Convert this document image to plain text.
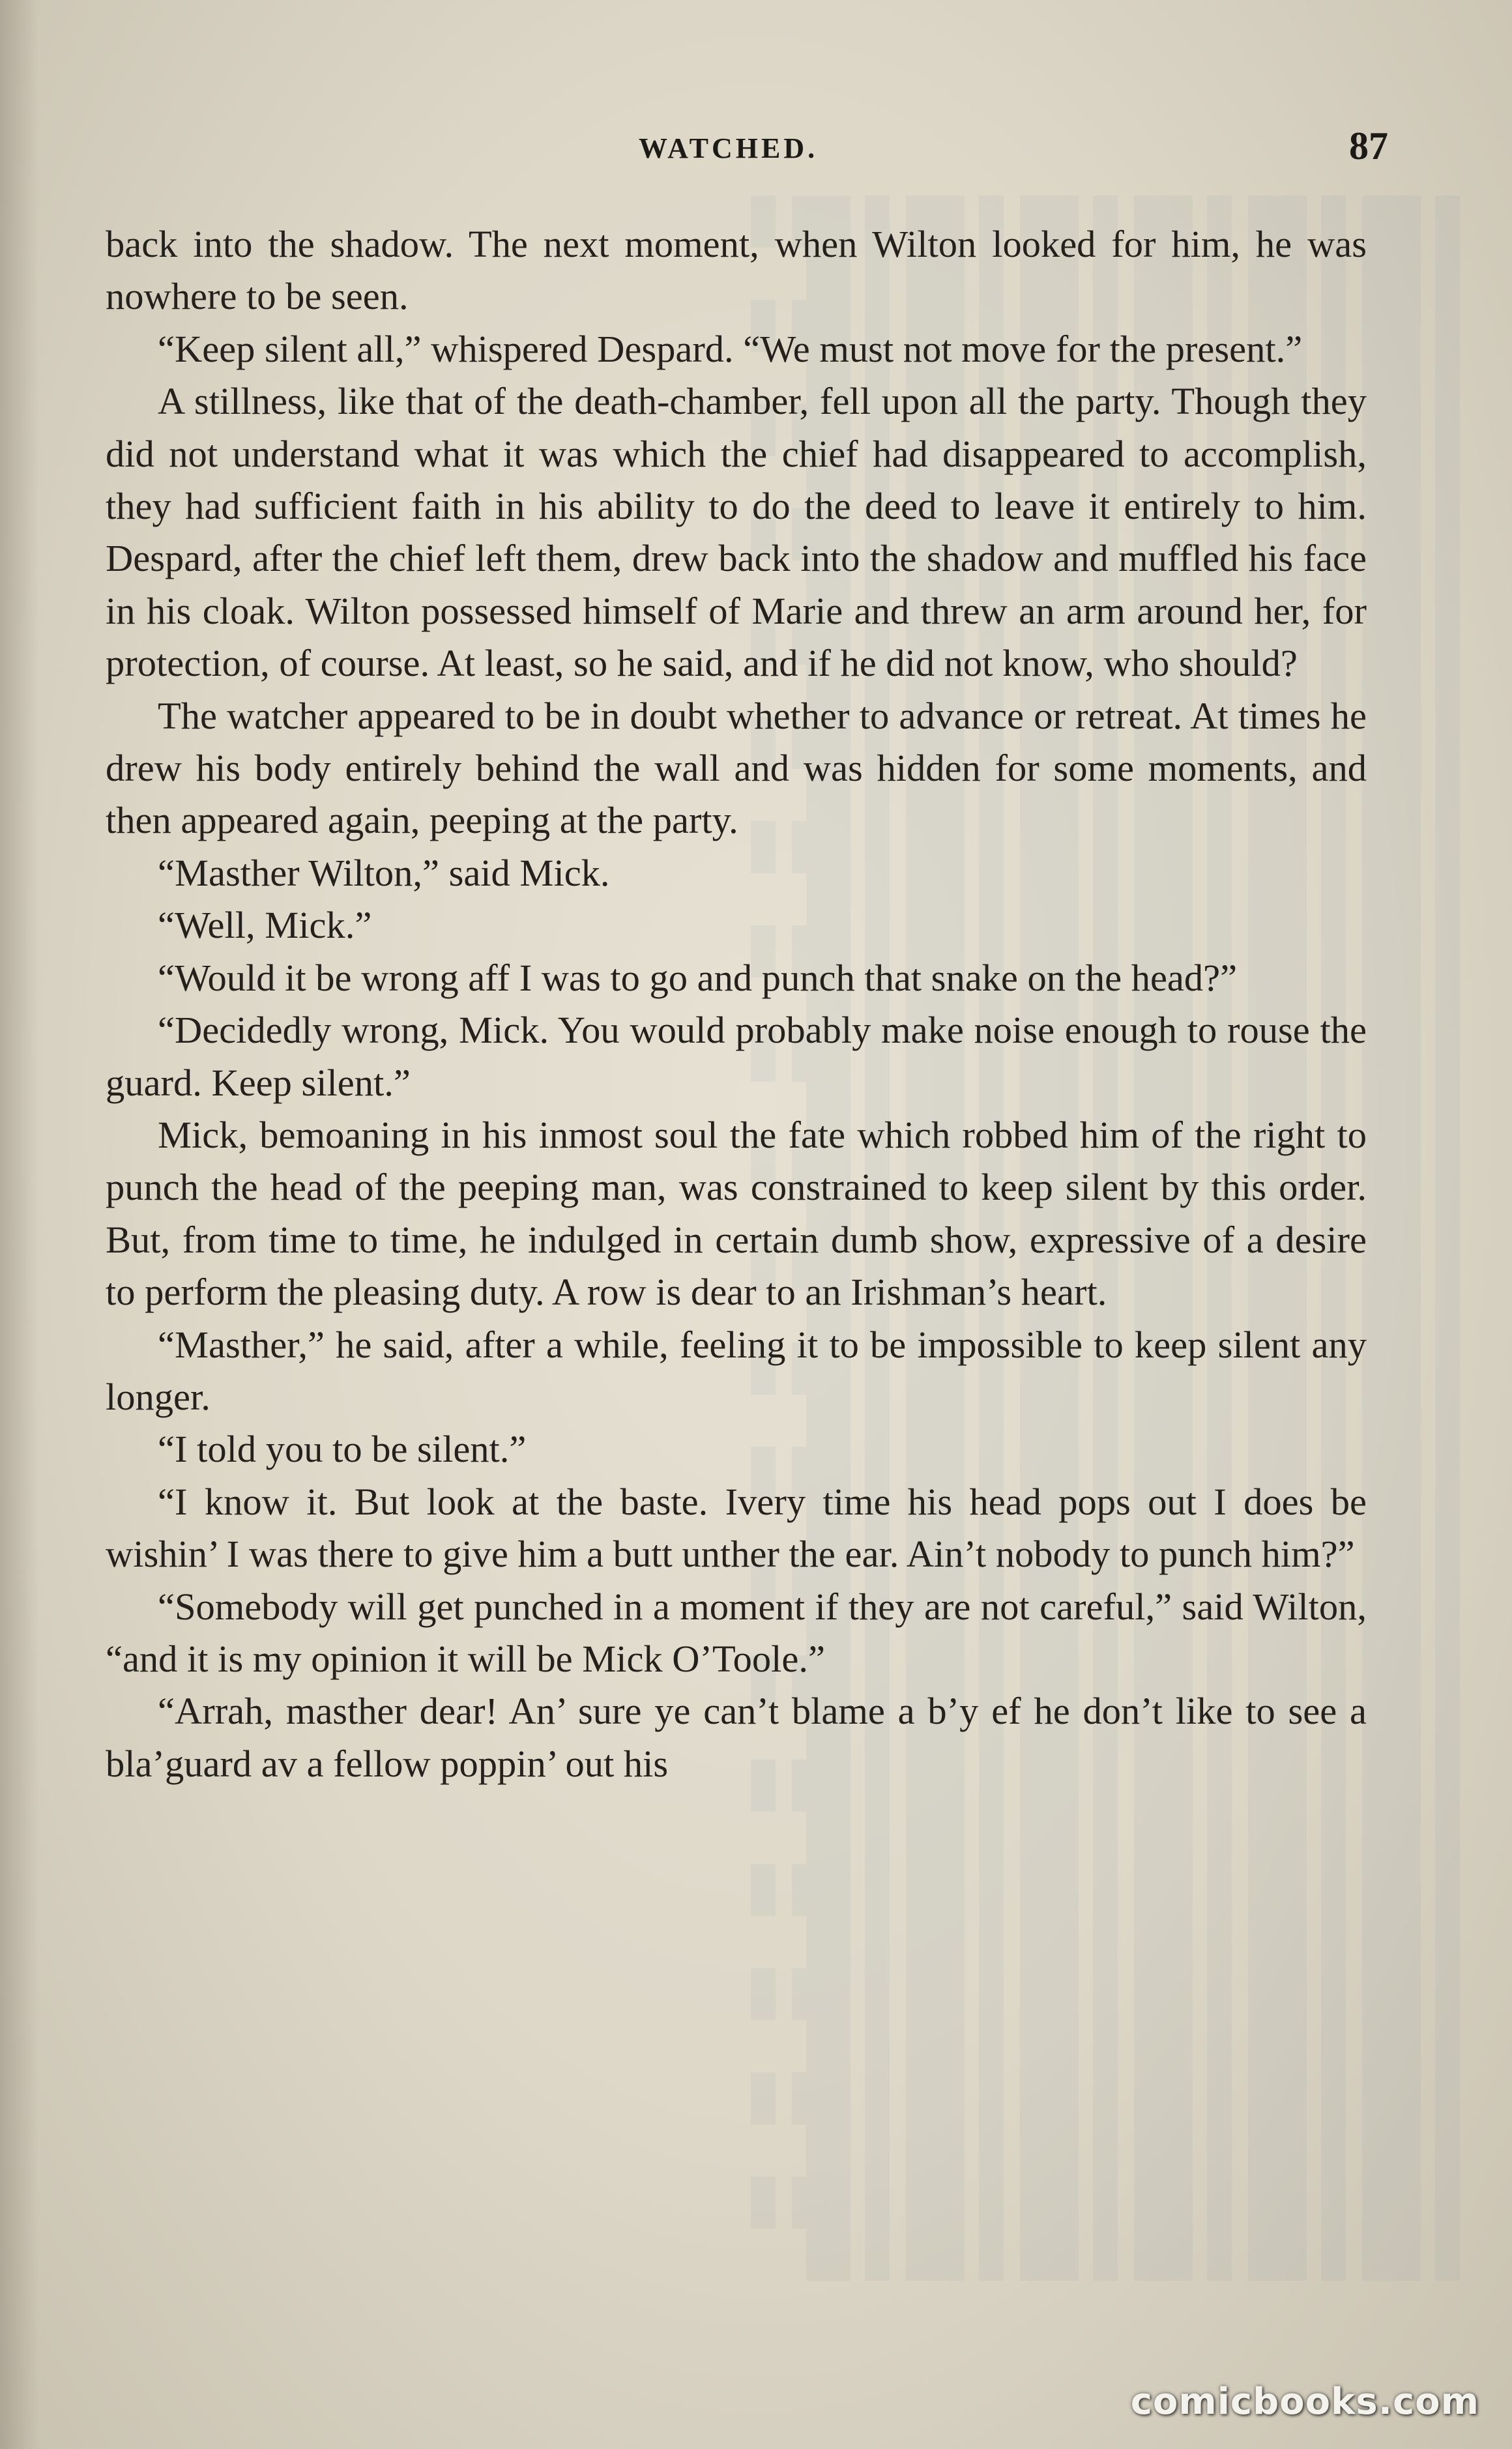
WATCHED.	87

back into the shadow. The next moment, when Wilton looked for him, he was nowhere to be seen.

“Keep silent all,” whispered Despard. “We must not move for the present.”

A stillness, like that of the death-chamber, fell upon all the party. Though they did not understand what it was which the chief had disappeared to accomplish, they had sufficient faith in his ability to do the deed to leave it entirely to him. Despard, after the chief left them, drew back into the shadow and muffled his face in his cloak. Wilton possessed himself of Marie and threw an arm around her, for protection, of course. At least, so he said, and if he did not know, who should?

The watcher appeared to be in doubt whether to advance or retreat. At times he drew his body entirely behind the wall and was hidden for some moments, and then appeared again, peeping at the party.

“Masther Wilton,” said Mick.

“Well, Mick.”

“Would it be wrong aff I was to go and punch that snake on the head?”

“Decidedly wrong, Mick. You would probably make noise enough to rouse the guard. Keep silent.”

Mick, bemoaning in his inmost soul the fate which robbed him of the right to punch the head of the peeping man, was constrained to keep silent by this order. But, from time to time, he indulged in certain dumb show, expressive of a desire to perform the pleasing duty. A row is dear to an Irishman’s heart.

“Masther,” he said, after a while, feeling it to be impossible to keep silent any longer.

“I told you to be silent.”

“I know it. But look at the baste. Ivery time his head pops out I does be wishin’ I was there to give him a butt unther the ear. Ain’t nobody to punch him?”

“Somebody will get punched in a moment if they are not careful,” said Wilton, “and it is my opinion it will be Mick O’Toole.”

“Arrah, masther dear! An’ sure ye can’t blame a b’y ef he don’t like to see a bla’guard av a fellow poppin’ out his

comicbooks.com
